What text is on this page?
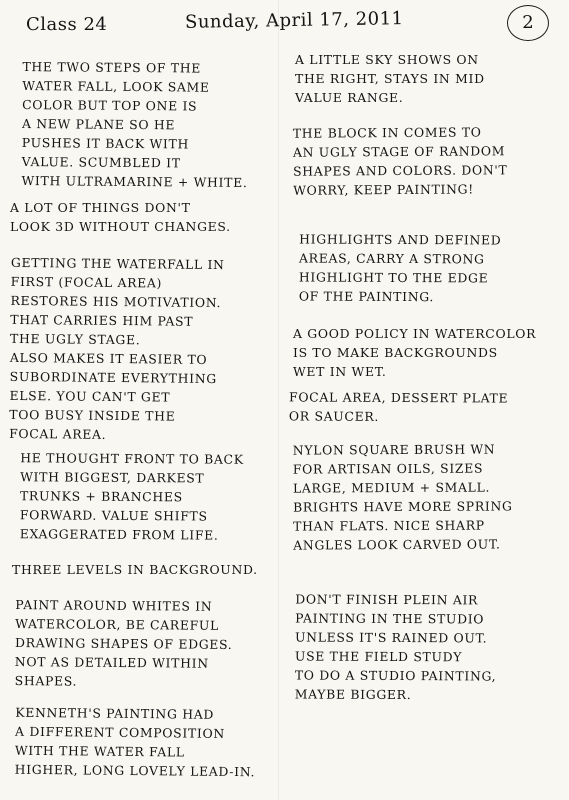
Class 24	Sunday, April 17, 2011	2
THE TWO STEPS OF THE
WATER FALL, LOOK SAME
COLOR BUT TOP ONE IS
A NEW PLANE SO HE
PUSHES IT BACK WITH
VALUE. SCUMBLED IT
WITH ULTRAMARINE + WHITE.
A LOT OF THINGS DON'T
LOOK 3D WITHOUT CHANGES.
GETTING THE WATERFALL IN
FIRST (FOCAL AREA)
RESTORES HIS MOTIVATION.
THAT CARRIES HIM PAST
THE UGLY STAGE.
ALSO MAKES IT EASIER TO
SUBORDINATE EVERYTHING
ELSE. YOU CAN'T GET
TOO BUSY INSIDE THE
FOCAL AREA.
HE THOUGHT FRONT TO BACK
WITH BIGGEST, DARKEST
TRUNKS + BRANCHES
FORWARD. VALUE SHIFTS
EXAGGERATED FROM LIFE.
THREE LEVELS IN BACKGROUND.
PAINT AROUND WHITES IN
WATERCOLOR, BE CAREFUL
DRAWING SHAPES OF EDGES.
NOT AS DETAILED WITHIN
SHAPES.
KENNETH'S PAINTING HAD
A DIFFERENT COMPOSITION
WITH THE WATER FALL
HIGHER, LONG LOVELY LEAD-IN.
A LITTLE SKY SHOWS ON
THE RIGHT, STAYS IN MID
VALUE RANGE.
THE BLOCK IN COMES TO
AN UGLY STAGE OF RANDOM
SHAPES AND COLORS. DON'T
WORRY, KEEP PAINTING!
HIGHLIGHTS AND DEFINED
AREAS, CARRY A STRONG
HIGHLIGHT TO THE EDGE
OF THE PAINTING.
A GOOD POLICY IN WATERCOLOR
IS TO MAKE BACKGROUNDS
WET IN WET.
FOCAL AREA, DESSERT PLATE
OR SAUCER.
NYLON SQUARE BRUSH WN
FOR ARTISAN OILS, SIZES
LARGE, MEDIUM + SMALL.
BRIGHTS HAVE MORE SPRING
THAN FLATS. NICE SHARP
ANGLES LOOK CARVED OUT.
DON'T FINISH PLEIN AIR
PAINTING IN THE STUDIO
UNLESS IT'S RAINED OUT.
USE THE FIELD STUDY
TO DO A STUDIO PAINTING,
MAYBE BIGGER.
